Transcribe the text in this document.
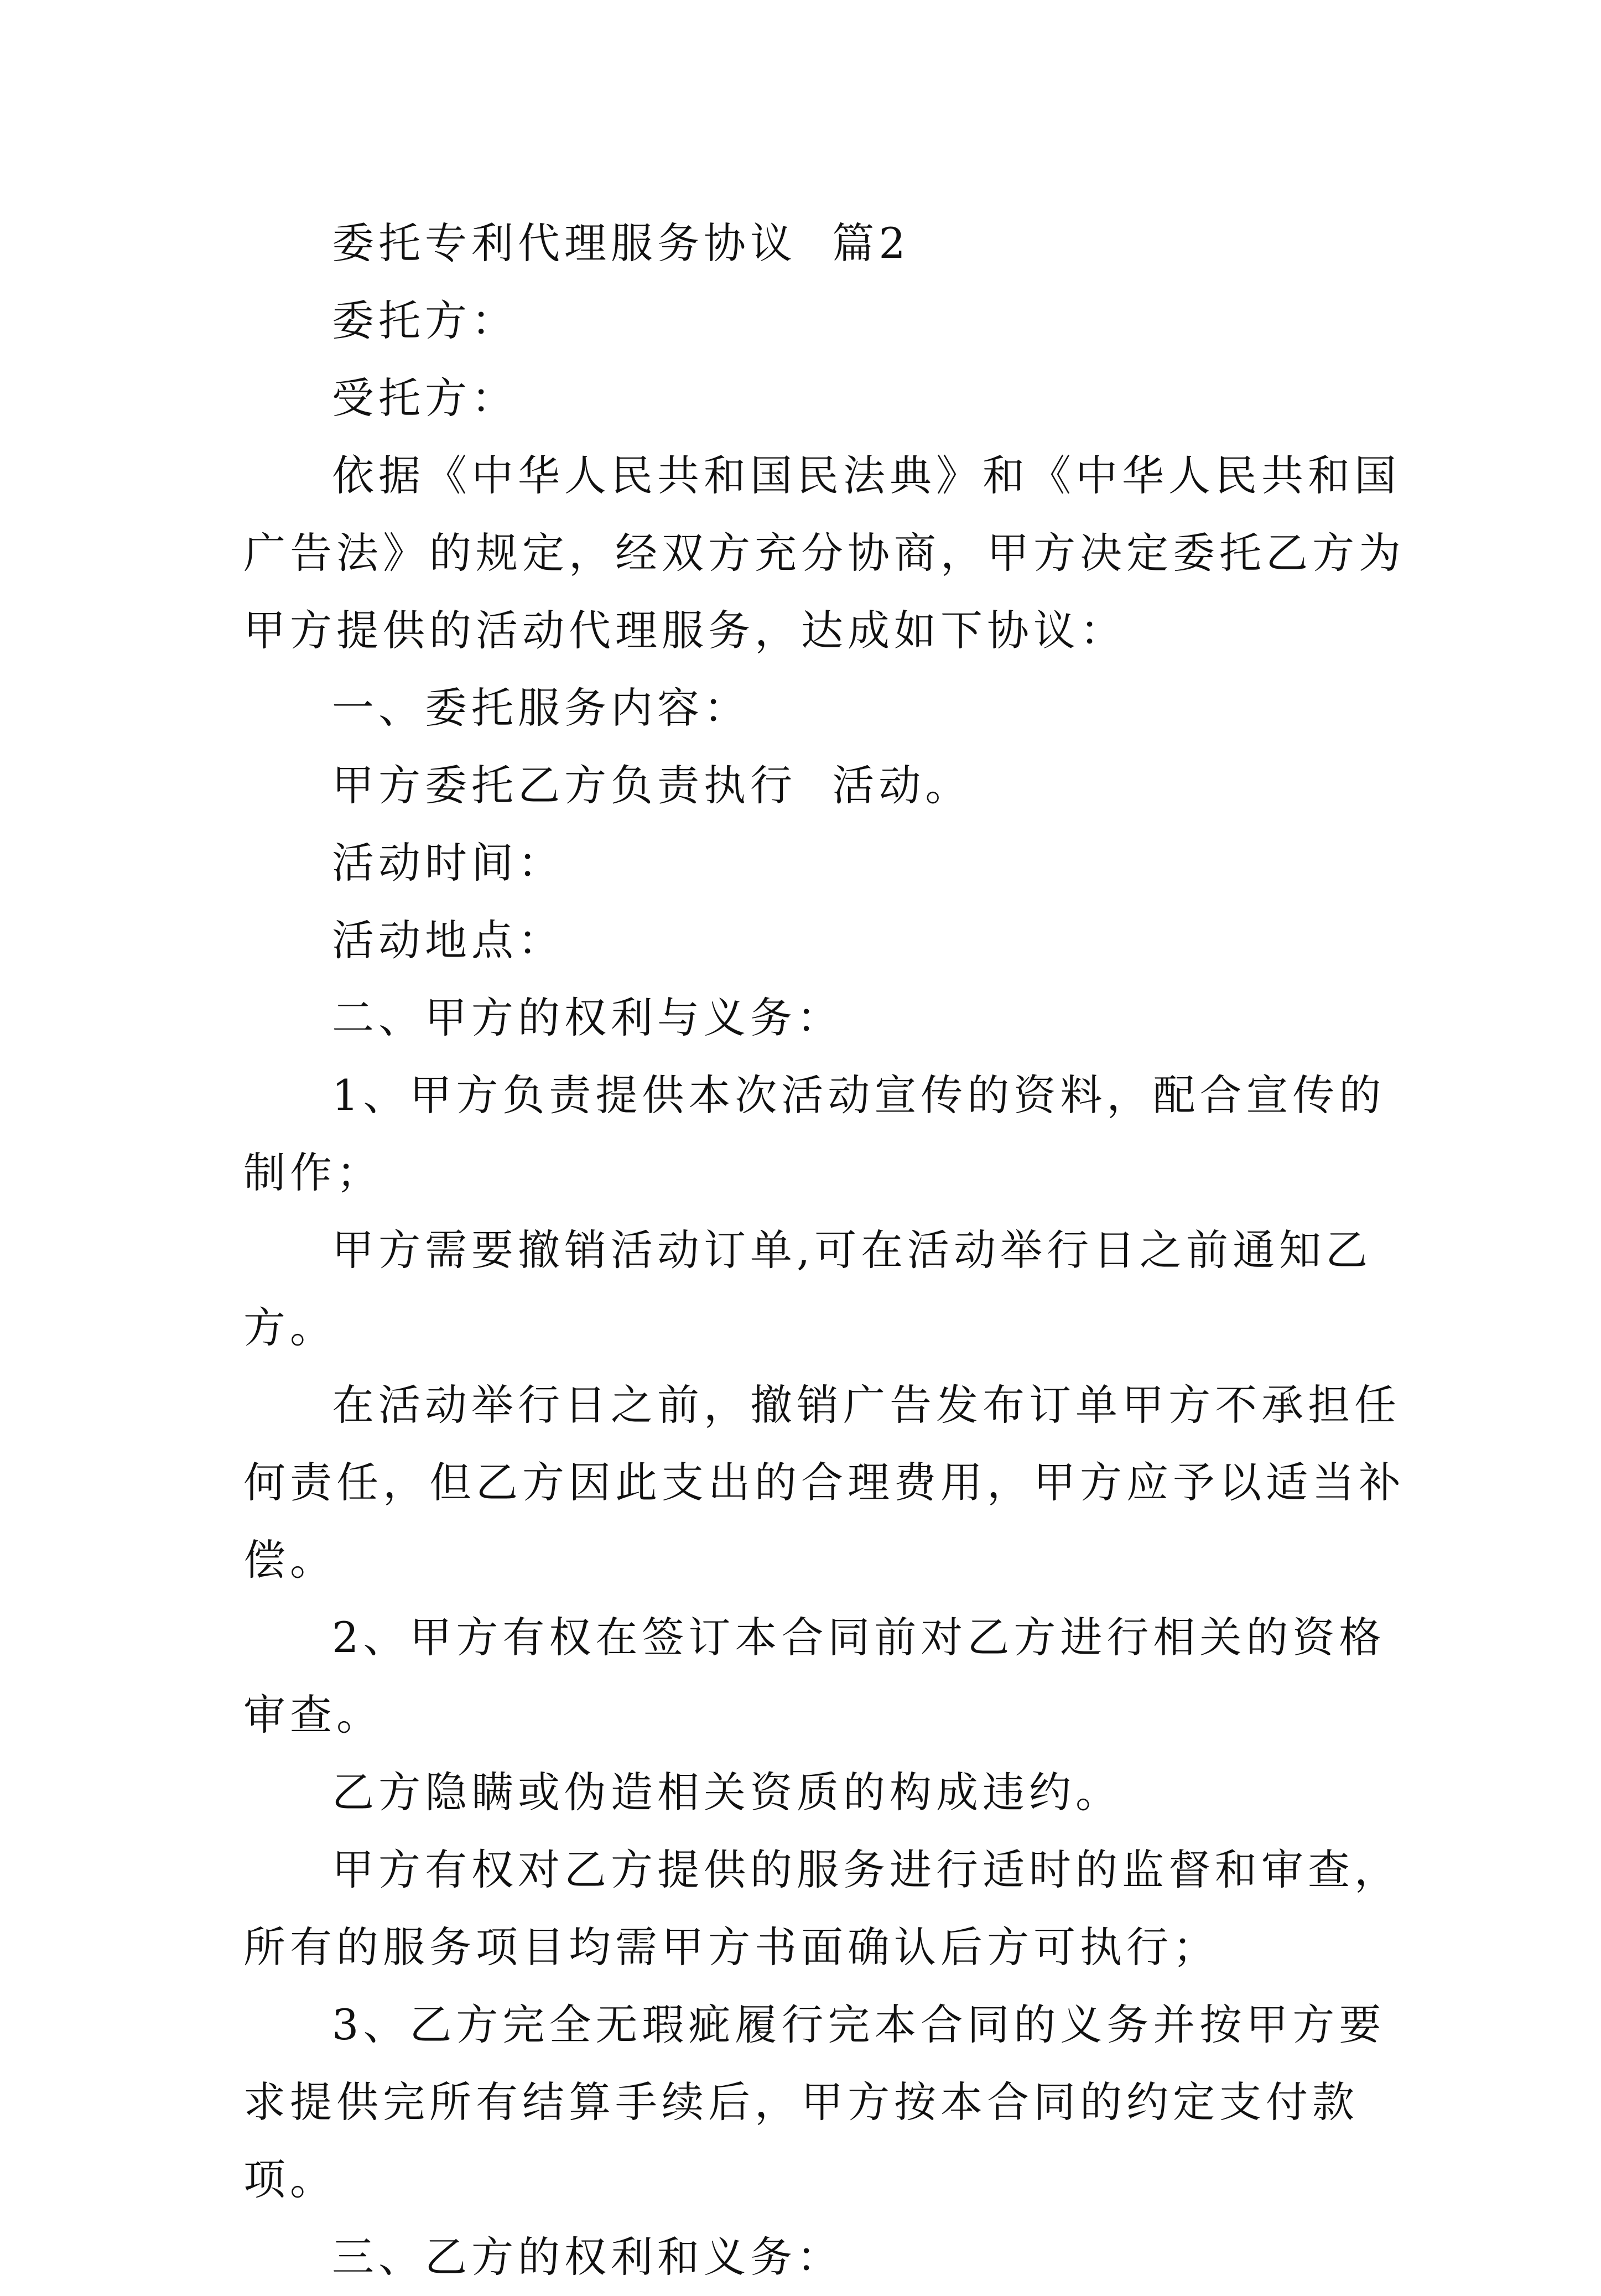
委托专利代理服务协议  篇2

委托方：

受托方：

依据《中华人民共和国民法典》和《中华人民共和国广告法》的规定，经双方充分协商，甲方决定委托乙方为甲方提供的活动代理服务，达成如下协议：

一、委托服务内容：

甲方委托乙方负责执行  活动。

活动时间：

活动地点：

二、甲方的权利与义务：

1、甲方负责提供本次活动宣传的资料，配合宣传的制作；

甲方需要撤销活动订单,可在活动举行日之前通知乙方。

在活动举行日之前，撤销广告发布订单甲方不承担任何责任，但乙方因此支出的合理费用，甲方应予以适当补偿。

2、甲方有权在签订本合同前对乙方进行相关的资格审查。

乙方隐瞒或伪造相关资质的构成违约。

甲方有权对乙方提供的服务进行适时的监督和审查，所有的服务项目均需甲方书面确认后方可执行；

3、乙方完全无瑕疵履行完本合同的义务并按甲方要求提供完所有结算手续后，甲方按本合同的约定支付款项。

三、乙方的权利和义务：
